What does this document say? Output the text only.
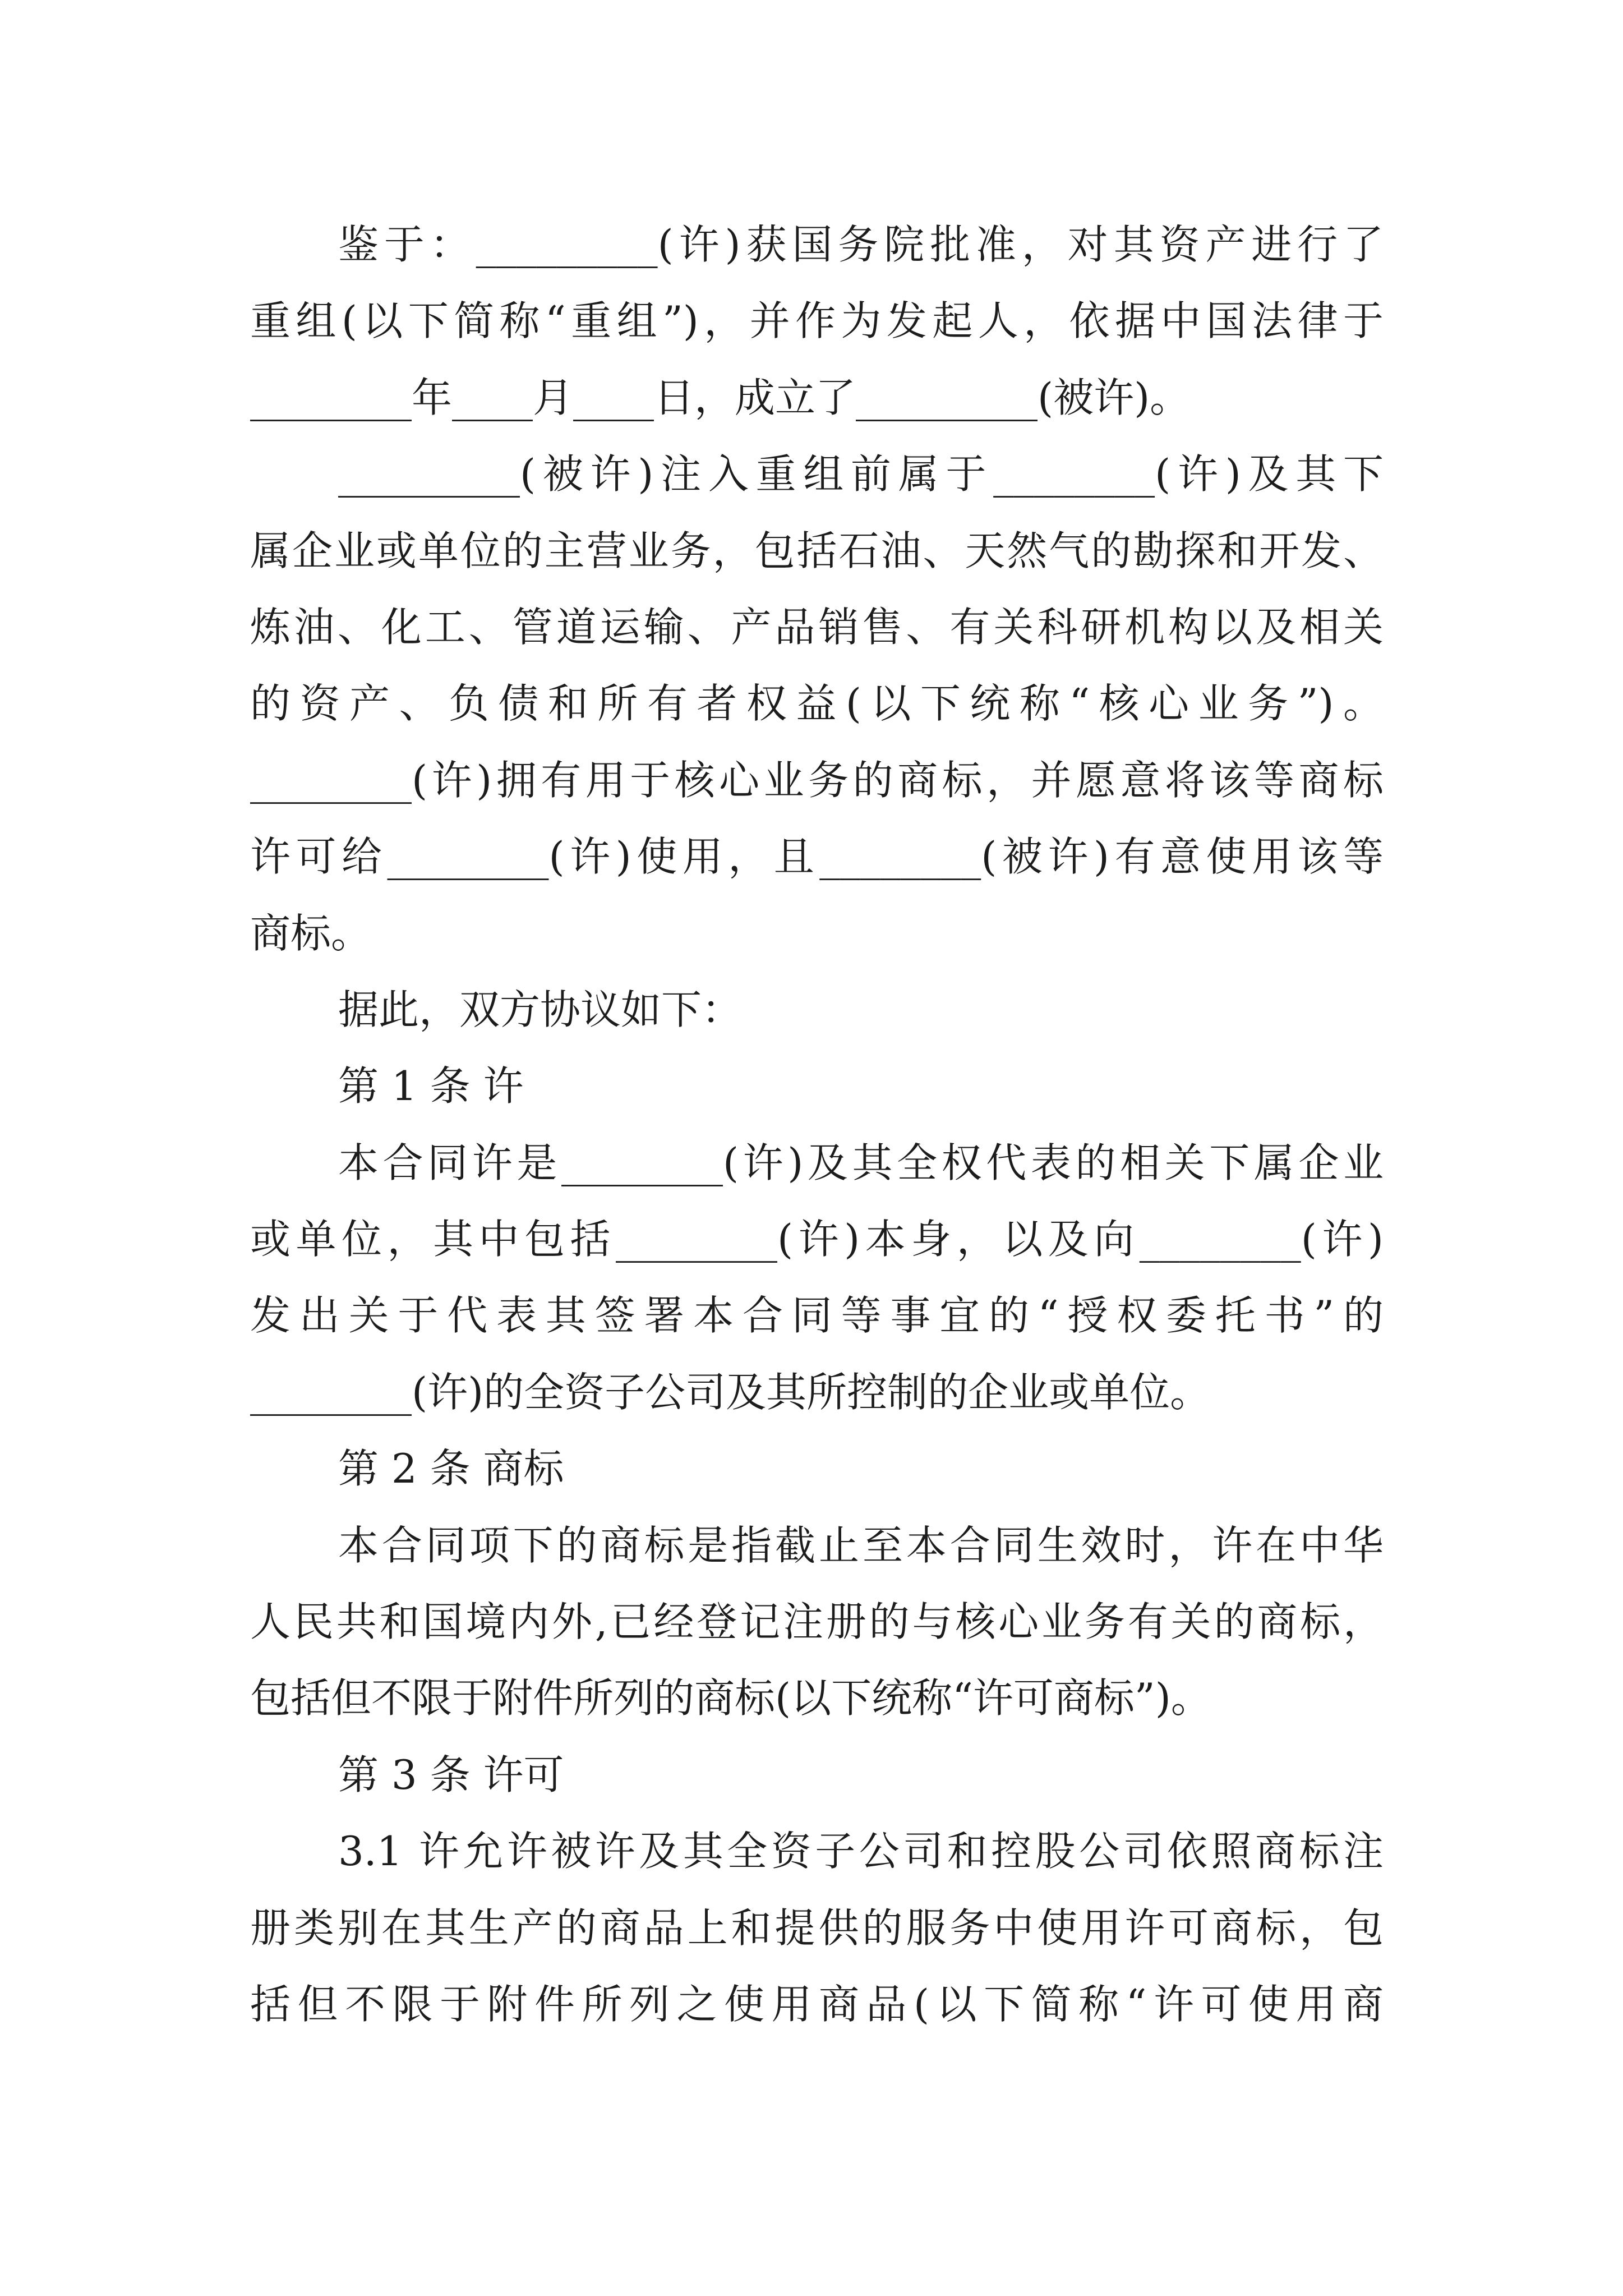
鉴于：_________(许)获国务院批准，对其资产进行了
重组(以下简称“重组”)，并作为发起人，依据中国法律于
________年____月____日，成立了_________(被许)。
_________(被许)注入重组前属于________(许)及其下
属企业或单位的主营业务，包括石油、天然气的勘探和开发、
炼油、化工、管道运输、产品销售、有关科研机构以及相关
的资产、负债和所有者权益(以下统称“核心业务”)。
________(许)拥有用于核心业务的商标，并愿意将该等商标
许可给________(许)使用，且________(被许)有意使用该等
商标。
据此，双方协议如下：
第 1 条 许
本合同许是________(许)及其全权代表的相关下属企业
或单位，其中包括________(许)本身，以及向________(许)
发出关于代表其签署本合同等事宜的“授权委托书”的
________(许)的全资子公司及其所控制的企业或单位。
第 2 条 商标
本合同项下的商标是指截止至本合同生效时，许在中华
人民共和国境内外,已经登记注册的与核心业务有关的商标，
包括但不限于附件所列的商标(以下统称“许可商标”)。
第 3 条 许可
3.1 许允许被许及其全资子公司和控股公司依照商标注
册类别在其生产的商品上和提供的服务中使用许可商标，包
括但不限于附件所列之使用商品(以下简称“许可使用商
